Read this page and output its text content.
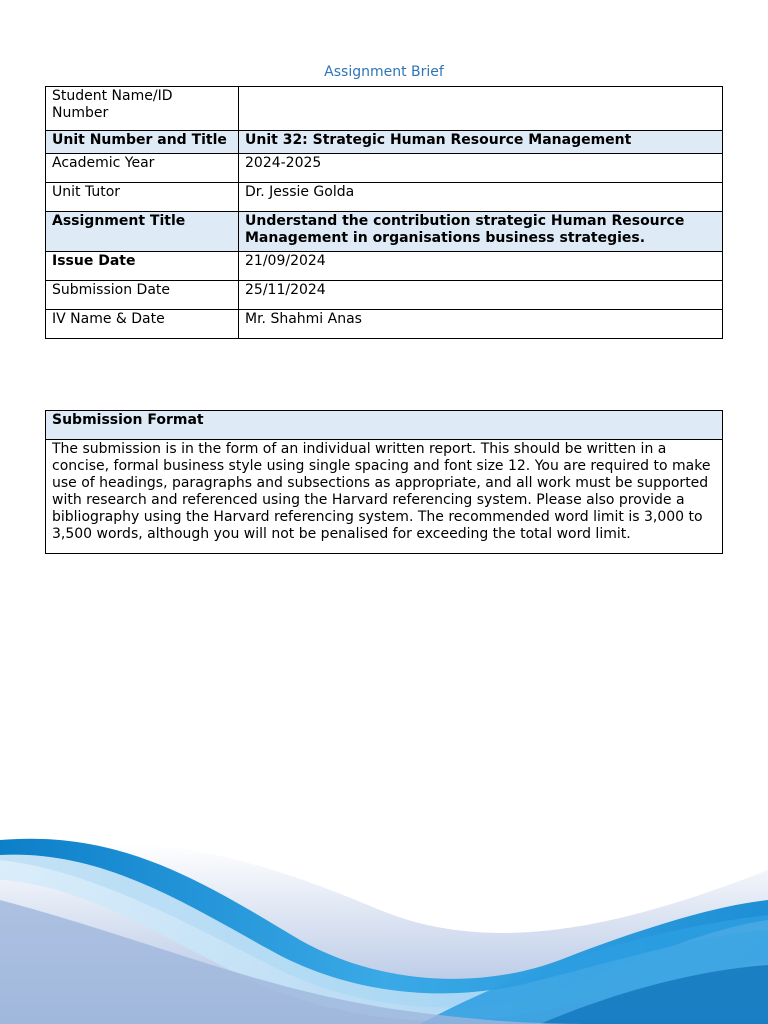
Assignment Brief
Student Name/ID Number	
Unit Number and Title	Unit 32: Strategic Human Resource Management
Academic Year	2024-2025
Unit Tutor	Dr. Jessie Golda
Assignment Title	Understand the contribution strategic Human Resource Management in organisations business strategies.
Issue Date	21/09/2024
Submission Date	25/11/2024
IV Name & Date	Mr. Shahmi Anas
Submission Format
The submission is in the form of an individual written report. This should be written in a concise, formal business style using single spacing and font size 12. You are required to make use of headings, paragraphs and subsections as appropriate, and all work must be supported with research and referenced using the Harvard referencing system. Please also provide a bibliography using the Harvard referencing system. The recommended word limit is 3,000 to 3,500 words, although you will not be penalised for exceeding the total word limit.
